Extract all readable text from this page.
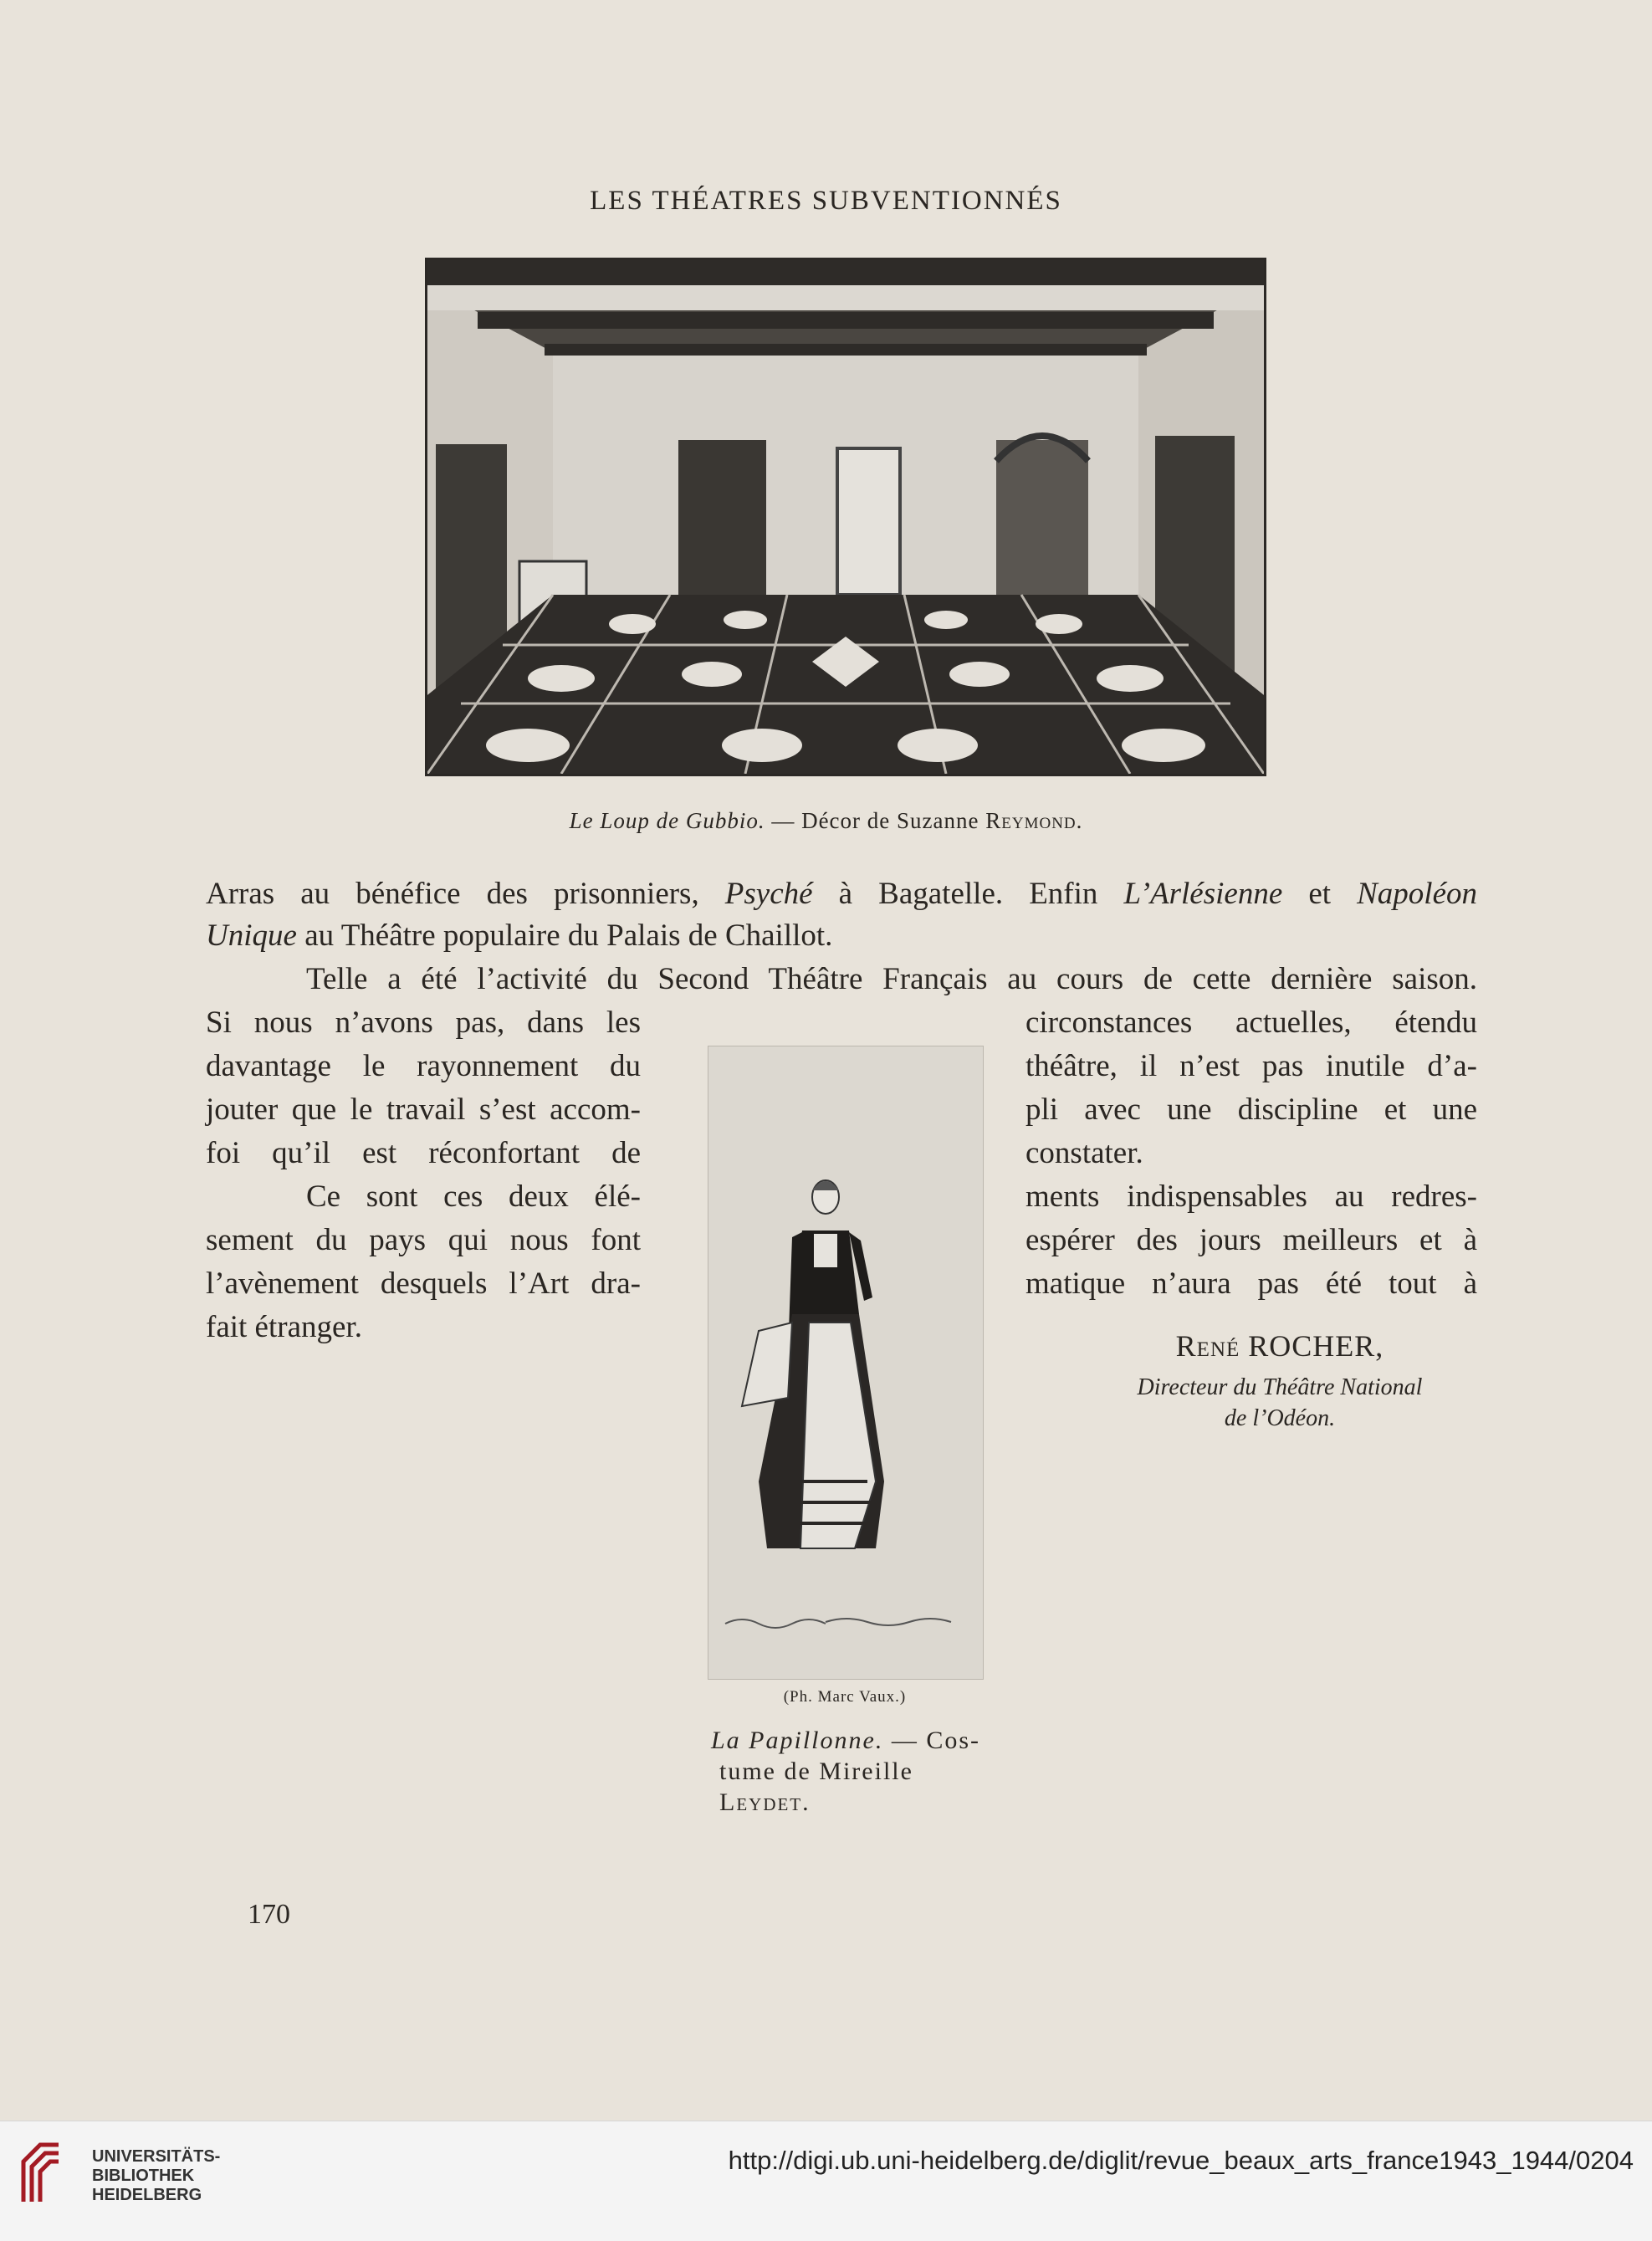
LES THÉATRES SUBVENTIONNÉS
Le Loup de Gubbio. — Décor de Suzanne Reymond.
Arras au bénéfice des prisonniers, Psyché à Bagatelle. Enfin L’Arlésienne et Napoléon
Unique au Théâtre populaire du Palais de Chaillot.
Telle a été l’activité du Second Théâtre Français au cours de cette dernière saison.
Si nous n’avons pas, dans les
davantage le rayonnement du
jouter que le travail s’est accom-
foi qu’il est réconfortant de
Ce sont ces deux élé-
sement du pays qui nous font
l’avènement desquels l’Art dra-
fait étranger.
circonstances actuelles, étendu
théâtre, il n’est pas inutile d’a-
pli avec une discipline et une
constater.
ments indispensables au redres-
espérer des jours meilleurs et à
matique n’aura pas été tout à
René ROCHER,
Directeur du Théâtre National
de l’Odéon.
(Ph. Marc Vaux.)
La Papillonne. — Cos-
tume de Mireille
Leydet.
170
UNIVERSITÄTS-
BIBLIOTHEK
HEIDELBERG
http://digi.ub.uni-heidelberg.de/diglit/revue_beaux_arts_france1943_1944/0204
